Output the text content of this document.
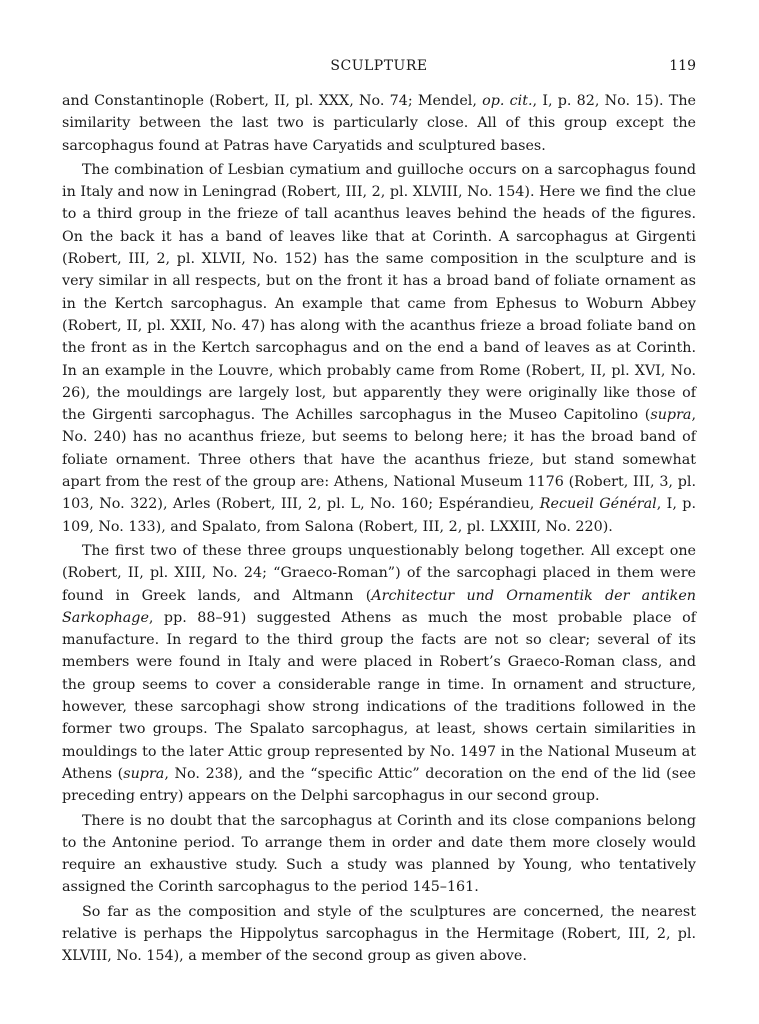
SCULPTURE	119

and Constantinople (Robert, II, pl. XXX, No. 74; Mendel, op. cit., I, p. 82, No. 15). The similarity between the last two is particularly close. All of this group except the sarcophagus found at Patras have Caryatids and sculptured bases.

The combination of Lesbian cymatium and guilloche occurs on a sarcophagus found in Italy and now in Leningrad (Robert, III, 2, pl. XLVIII, No. 154). Here we find the clue to a third group in the frieze of tall acanthus leaves behind the heads of the figures. On the back it has a band of leaves like that at Corinth. A sarcophagus at Girgenti (Robert, III, 2, pl. XLVII, No. 152) has the same composition in the sculpture and is very similar in all respects, but on the front it has a broad band of foliate ornament as in the Kertch sarcophagus. An example that came from Ephesus to Woburn Abbey (Robert, II, pl. XXII, No. 47) has along with the acanthus frieze a broad foliate band on the front as in the Kertch sarcophagus and on the end a band of leaves as at Corinth. In an example in the Louvre, which probably came from Rome (Robert, II, pl. XVI, No. 26), the mouldings are largely lost, but apparently they were originally like those of the Girgenti sarcophagus. The Achilles sarcophagus in the Museo Capitolino (supra, No. 240) has no acanthus frieze, but seems to belong here; it has the broad band of foliate ornament. Three others that have the acanthus frieze, but stand somewhat apart from the rest of the group are: Athens, National Museum 1176 (Robert, III, 3, pl. 103, No. 322), Arles (Robert, III, 2, pl. L, No. 160; Espérandieu, Recueil Général, I, p. 109, No. 133), and Spalato, from Salona (Robert, III, 2, pl. LXXIII, No. 220).

The first two of these three groups unquestionably belong together. All except one (Robert, II, pl. XIII, No. 24; “Graeco-Roman”) of the sarcophagi placed in them were found in Greek lands, and Altmann (Architectur und Ornamentik der antiken Sarkophage, pp. 88–91) suggested Athens as much the most probable place of manufacture. In regard to the third group the facts are not so clear; several of its members were found in Italy and were placed in Robert’s Graeco-Roman class, and the group seems to cover a considerable range in time. In ornament and structure, however, these sarcophagi show strong indications of the traditions followed in the former two groups. The Spalato sarcophagus, at least, shows certain similarities in mouldings to the later Attic group represented by No. 1497 in the National Museum at Athens (supra, No. 238), and the “specific Attic” decoration on the end of the lid (see preceding entry) appears on the Delphi sarcophagus in our second group.

There is no doubt that the sarcophagus at Corinth and its close companions belong to the Antonine period. To arrange them in order and date them more closely would require an exhaustive study. Such a study was planned by Young, who tentatively assigned the Corinth sarcophagus to the period 145–161.

So far as the composition and style of the sculptures are concerned, the nearest relative is perhaps the Hippolytus sarcophagus in the Hermitage (Robert, III, 2, pl. XLVIII, No. 154), a member of the second group as given above.
